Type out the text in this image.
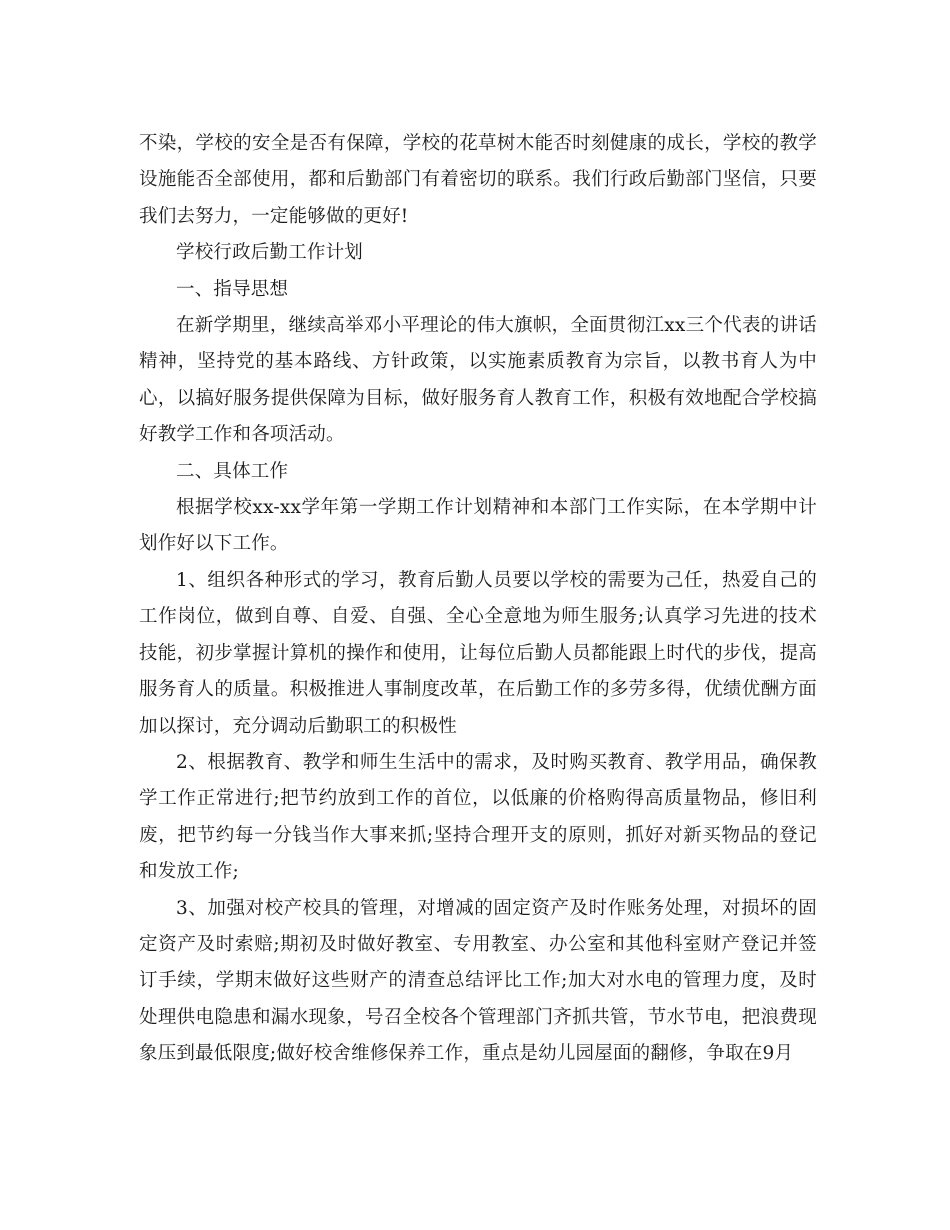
不染，学校的安全是否有保障，学校的花草树木能否时刻健康的成长，学校的教学设施能否全部使用，都和后勤部门有着密切的联系。我们行政后勤部门坚信，只要我们去努力，一定能够做的更好!

学校行政后勤工作计划

一、指导思想

在新学期里，继续高举邓小平理论的伟大旗帜，全面贯彻江xx三个代表的讲话精神，坚持党的基本路线、方针政策，以实施素质教育为宗旨，以教书育人为中心，以搞好服务提供保障为目标，做好服务育人教育工作，积极有效地配合学校搞好教学工作和各项活动。

二、具体工作

根据学校xx-xx学年第一学期工作计划精神和本部门工作实际，在本学期中计划作好以下工作。

1、组织各种形式的学习，教育后勤人员要以学校的需要为己任，热爱自己的工作岗位，做到自尊、自爱、自强、全心全意地为师生服务;认真学习先进的技术技能，初步掌握计算机的操作和使用，让每位后勤人员都能跟上时代的步伐，提高服务育人的质量。积极推进人事制度改革，在后勤工作的多劳多得，优绩优酬方面加以探讨，充分调动后勤职工的积极性

2、根据教育、教学和师生生活中的需求，及时购买教育、教学用品，确保教学工作正常进行;把节约放到工作的首位，以低廉的价格购得高质量物品，修旧利废，把节约每一分钱当作大事来抓;坚持合理开支的原则，抓好对新买物品的登记和发放工作;

3、加强对校产校具的管理，对增减的固定资产及时作账务处理，对损坏的固定资产及时索赔;期初及时做好教室、专用教室、办公室和其他科室财产登记并签订手续，学期末做好这些财产的清查总结评比工作;加大对水电的管理力度，及时处理供电隐患和漏水现象，号召全校各个管理部门齐抓共管，节水节电，把浪费现象压到最低限度;做好校舍维修保养工作，重点是幼儿园屋面的翻修，争取在9月
